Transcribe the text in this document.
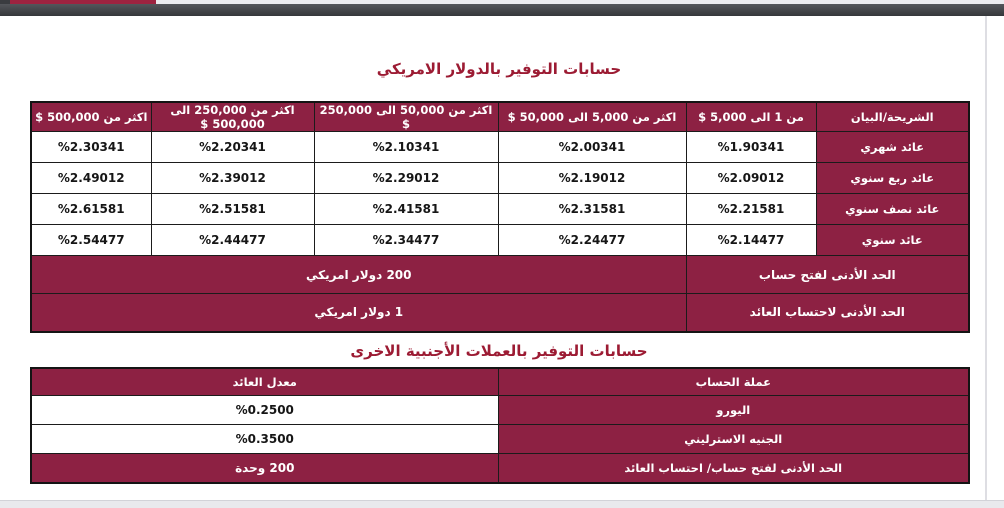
حسابات التوفير بالدولار الامريكي
الشريحة/البيان	من 1 الى 5,000 $	اكثر من 5,000 الى 50,000 $	اكثر من 50,000 الى 250,000 $	اكثر من 250,000 الى 500,000 $	اكثر من 500,000 $
عائد شهري	%1.90341	%2.00341	%2.10341	%2.20341	%2.30341
عائد ربع سنوي	%2.09012	%2.19012	%2.29012	%2.39012	%2.49012
عائد نصف سنوي	%2.21581	%2.31581	%2.41581	%2.51581	%2.61581
عائد سنوي	%2.14477	%2.24477	%2.34477	%2.44477	%2.54477
الحد الأدنى لفتح حساب		200 دولار امريكي			
الحد الأدنى لاحتساب العائد		1 دولار امريكي			
حسابات التوفير بالعملات الأجنبية الاخرى
عملة الحساب	معدل العائد
اليورو	%0.2500
الجنيه الاسترليني	%0.3500
الحد الأدنى لفتح حساب/ احتساب العائد	200 وحدة
